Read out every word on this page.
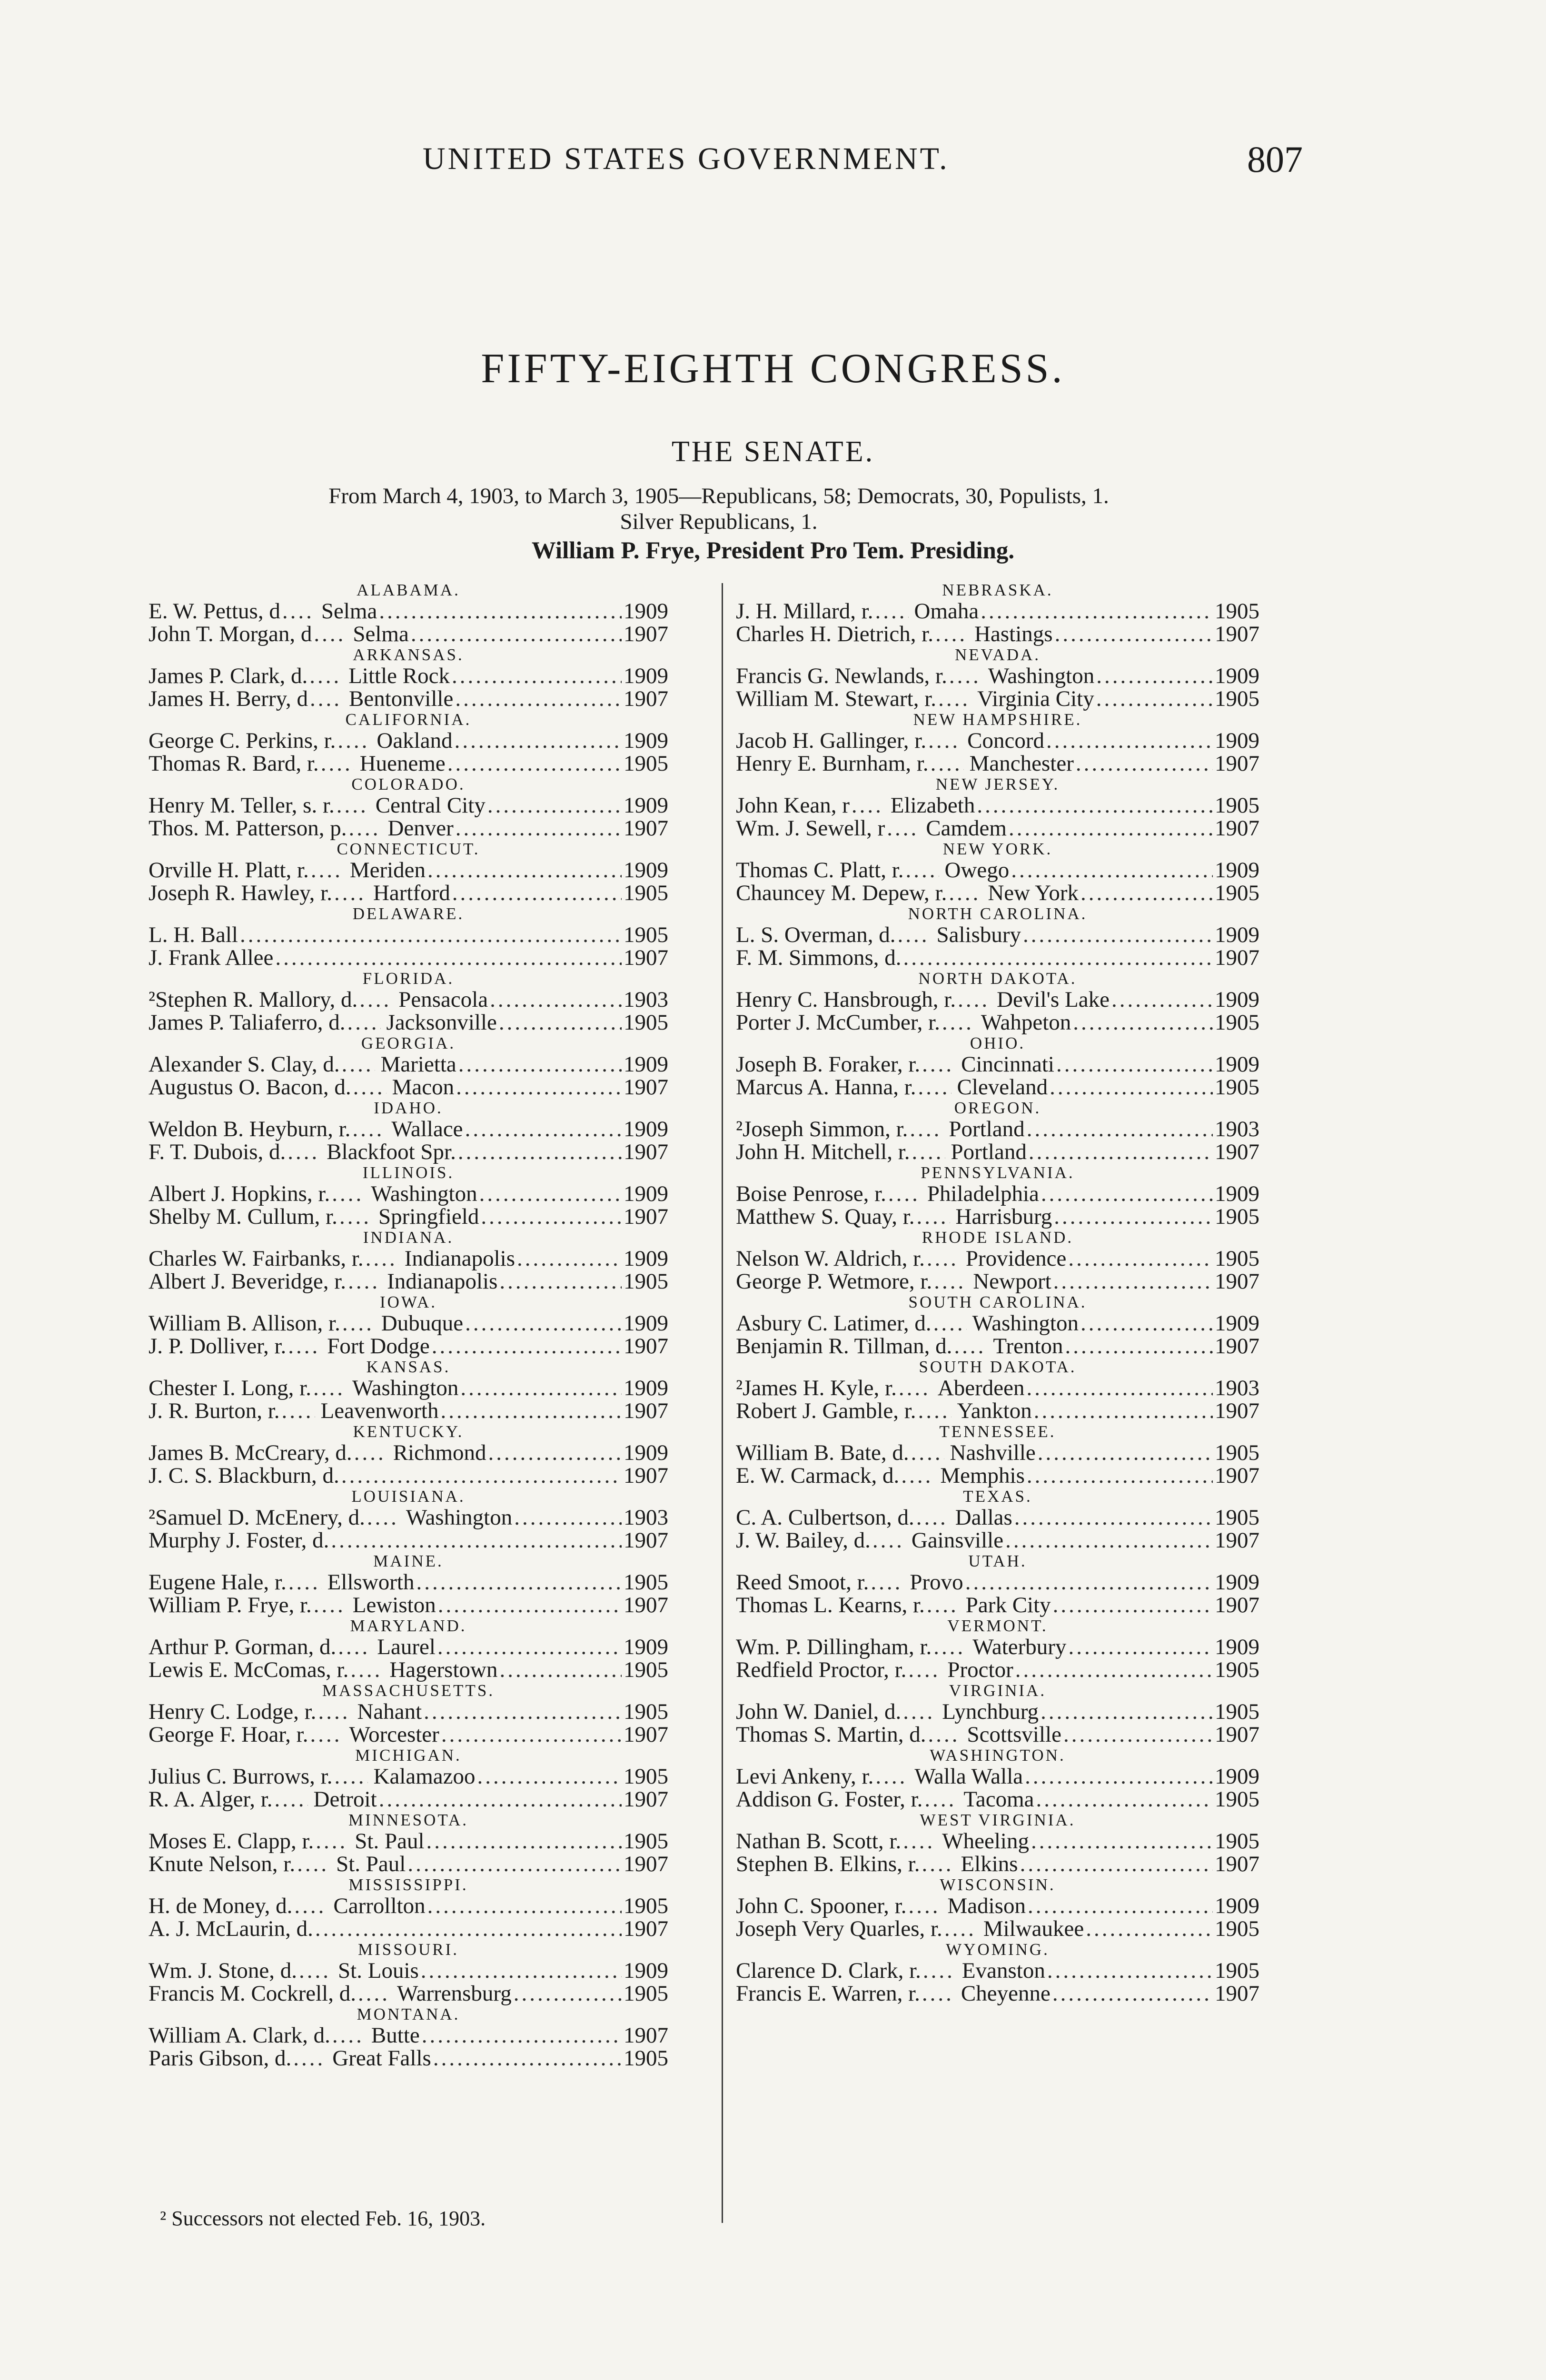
UNITED STATES GOVERNMENT.	807
FIFTY-EIGHTH CONGRESS.
THE SENATE.
From March 4, 1903, to March 3, 1905—Republicans, 58; Democrats, 30, Populists, 1.
Silver Republicans, 1.
William P. Frye, President Pro Tem. Presiding.
ALABAMA.
E. W. Pettus, d ..... Selma .....	1909
John T. Morgan, d ..... Selma .....	1907
ARKANSAS.
James P. Clark, d. ..... Little Rock .....	1909
James H. Berry, d ..... Bentonville .....	1907
CALIFORNIA.
George C. Perkins, r. ..... Oakland .....	1909
Thomas R. Bard, r. ..... Hueneme .....	1905
COLORADO.
Henry M. Teller, s. r. ..... Central City .....	1909
Thos. M. Patterson, p. ..... Denver .....	1907
CONNECTICUT.
Orville H. Platt, r. ..... Meriden .....	1909
Joseph R. Hawley, r. ..... Hartford .....	1905
DELAWARE.
L. H. Ball .....	1905
J. Frank Allee .....	1907
FLORIDA.
²Stephen R. Mallory, d. ..... Pensacola .....	1903
James P. Taliaferro, d. ..... Jacksonville .....	1905
GEORGIA.
Alexander S. Clay, d. ..... Marietta .....	1909
Augustus O. Bacon, d. ..... Macon .....	1907
IDAHO.
Weldon B. Heyburn, r. ..... Wallace .....	1909
F. T. Dubois, d. ..... Blackfoot Spr. .....	1907
ILLINOIS.
Albert J. Hopkins, r. ..... Washington .....	1909
Shelby M. Cullum, r. ..... Springfield .....	1907
INDIANA.
Charles W. Fairbanks, r. ..... Indianapolis .....	1909
Albert J. Beveridge, r. ..... Indianapolis .....	1905
IOWA.
William B. Allison, r. ..... Dubuque .....	1909
J. P. Dolliver, r. ..... Fort Dodge .....	1907
KANSAS.
Chester I. Long, r. ..... Washington .....	1909
J. R. Burton, r. ..... Leavenworth .....	1907
KENTUCKY.
James B. McCreary, d. ..... Richmond .....	1909
J. C. S. Blackburn, d. .....	1907
LOUISIANA.
²Samuel D. McEnery, d. ..... Washington .....	1903
Murphy J. Foster, d. .....	1907
MAINE.
Eugene Hale, r. ..... Ellsworth .....	1905
William P. Frye, r. ..... Lewiston .....	1907
MARYLAND.
Arthur P. Gorman, d. ..... Laurel .....	1909
Lewis E. McComas, r. ..... Hagerstown .....	1905
MASSACHUSETTS.
Henry C. Lodge, r. ..... Nahant .....	1905
George F. Hoar, r. ..... Worcester .....	1907
MICHIGAN.
Julius C. Burrows, r. ..... Kalamazoo .....	1905
R. A. Alger, r. ..... Detroit .....	1907
MINNESOTA.
Moses E. Clapp, r. ..... St. Paul .....	1905
Knute Nelson, r. ..... St. Paul .....	1907
MISSISSIPPI.
H. de Money, d. ..... Carrollton .....	1905
A. J. McLaurin, d. .....	1907
MISSOURI.
Wm. J. Stone, d. ..... St. Louis .....	1909
Francis M. Cockrell, d. ..... Warrensburg .....	1905
MONTANA.
William A. Clark, d. ..... Butte .....	1907
Paris Gibson, d. ..... Great Falls .....	1905
NEBRASKA.
J. H. Millard, r. ..... Omaha .....	1905
Charles H. Dietrich, r. ..... Hastings .....	1907
NEVADA.
Francis G. Newlands, r. ..... Washington .....	1909
William M. Stewart, r. ..... Virginia City .....	1905
NEW HAMPSHIRE.
Jacob H. Gallinger, r. ..... Concord .....	1909
Henry E. Burnham, r. ..... Manchester .....	1907
NEW JERSEY.
John Kean, r ..... Elizabeth .....	1905
Wm. J. Sewell, r ..... Camdem .....	1907
NEW YORK.
Thomas C. Platt, r. ..... Owego .....	1909
Chauncey M. Depew, r. ..... New York .....	1905
NORTH CAROLINA.
L. S. Overman, d. ..... Salisbury .....	1909
F. M. Simmons, d. .....	1907
NORTH DAKOTA.
Henry C. Hansbrough, r. ..... Devil's Lake .....	1909
Porter J. McCumber, r. ..... Wahpeton .....	1905
OHIO.
Joseph B. Foraker, r. ..... Cincinnati .....	1909
Marcus A. Hanna, r. ..... Cleveland .....	1905
OREGON.
²Joseph Simmon, r. ..... Portland .....	1903
John H. Mitchell, r. ..... Portland .....	1907
PENNSYLVANIA.
Boise Penrose, r. ..... Philadelphia .....	1909
Matthew S. Quay, r. ..... Harrisburg .....	1905
RHODE ISLAND.
Nelson W. Aldrich, r. ..... Providence .....	1905
George P. Wetmore, r. ..... Newport .....	1907
SOUTH CAROLINA.
Asbury C. Latimer, d. ..... Washington .....	1909
Benjamin R. Tillman, d. ..... Trenton .....	1907
SOUTH DAKOTA.
²James H. Kyle, r. ..... Aberdeen .....	1903
Robert J. Gamble, r. ..... Yankton .....	1907
TENNESSEE.
William B. Bate, d. ..... Nashville .....	1905
E. W. Carmack, d. ..... Memphis .....	1907
TEXAS.
C. A. Culbertson, d. ..... Dallas .....	1905
J. W. Bailey, d. ..... Gainsville .....	1907
UTAH.
Reed Smoot, r. ..... Provo .....	1909
Thomas L. Kearns, r. ..... Park City .....	1907
VERMONT.
Wm. P. Dillingham, r. ..... Waterbury .....	1909
Redfield Proctor, r. ..... Proctor .....	1905
VIRGINIA.
John W. Daniel, d. ..... Lynchburg .....	1905
Thomas S. Martin, d. ..... Scottsville .....	1907
WASHINGTON.
Levi Ankeny, r. ..... Walla Walla .....	1909
Addison G. Foster, r. ..... Tacoma .....	1905
WEST VIRGINIA.
Nathan B. Scott, r. ..... Wheeling .....	1905
Stephen B. Elkins, r. ..... Elkins .....	1907
WISCONSIN.
John C. Spooner, r. ..... Madison .....	1909
Joseph Very Quarles, r. ..... Milwaukee .....	1905
WYOMING.
Clarence D. Clark, r. ..... Evanston .....	1905
Francis E. Warren, r. ..... Cheyenne .....	1907
² Successors not elected Feb. 16, 1903.
